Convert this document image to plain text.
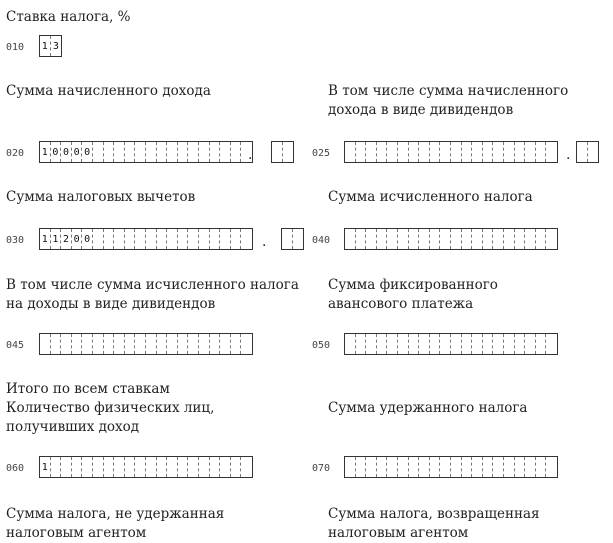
Ставка налога, %
010 1 3
Сумма начисленного дохода	В том числе сумма начисленного
дохода в виде дивидендов
020 1 0 0 0 0	.	025	.
Сумма налоговых вычетов	Сумма исчисленного налога
030 1 1 2 0 0	.	040
В том числе сумма исчисленного налога
на доходы в виде дивидендов
Сумма фиксированного
авансового платежа
045	050
Итого по всем ставкам
Количество физических лиц,
получивших доход
Сумма удержанного налога
060 1	070
Сумма налога, не удержанная
налоговым агентом
Сумма налога, возвращенная
налоговым агентом
